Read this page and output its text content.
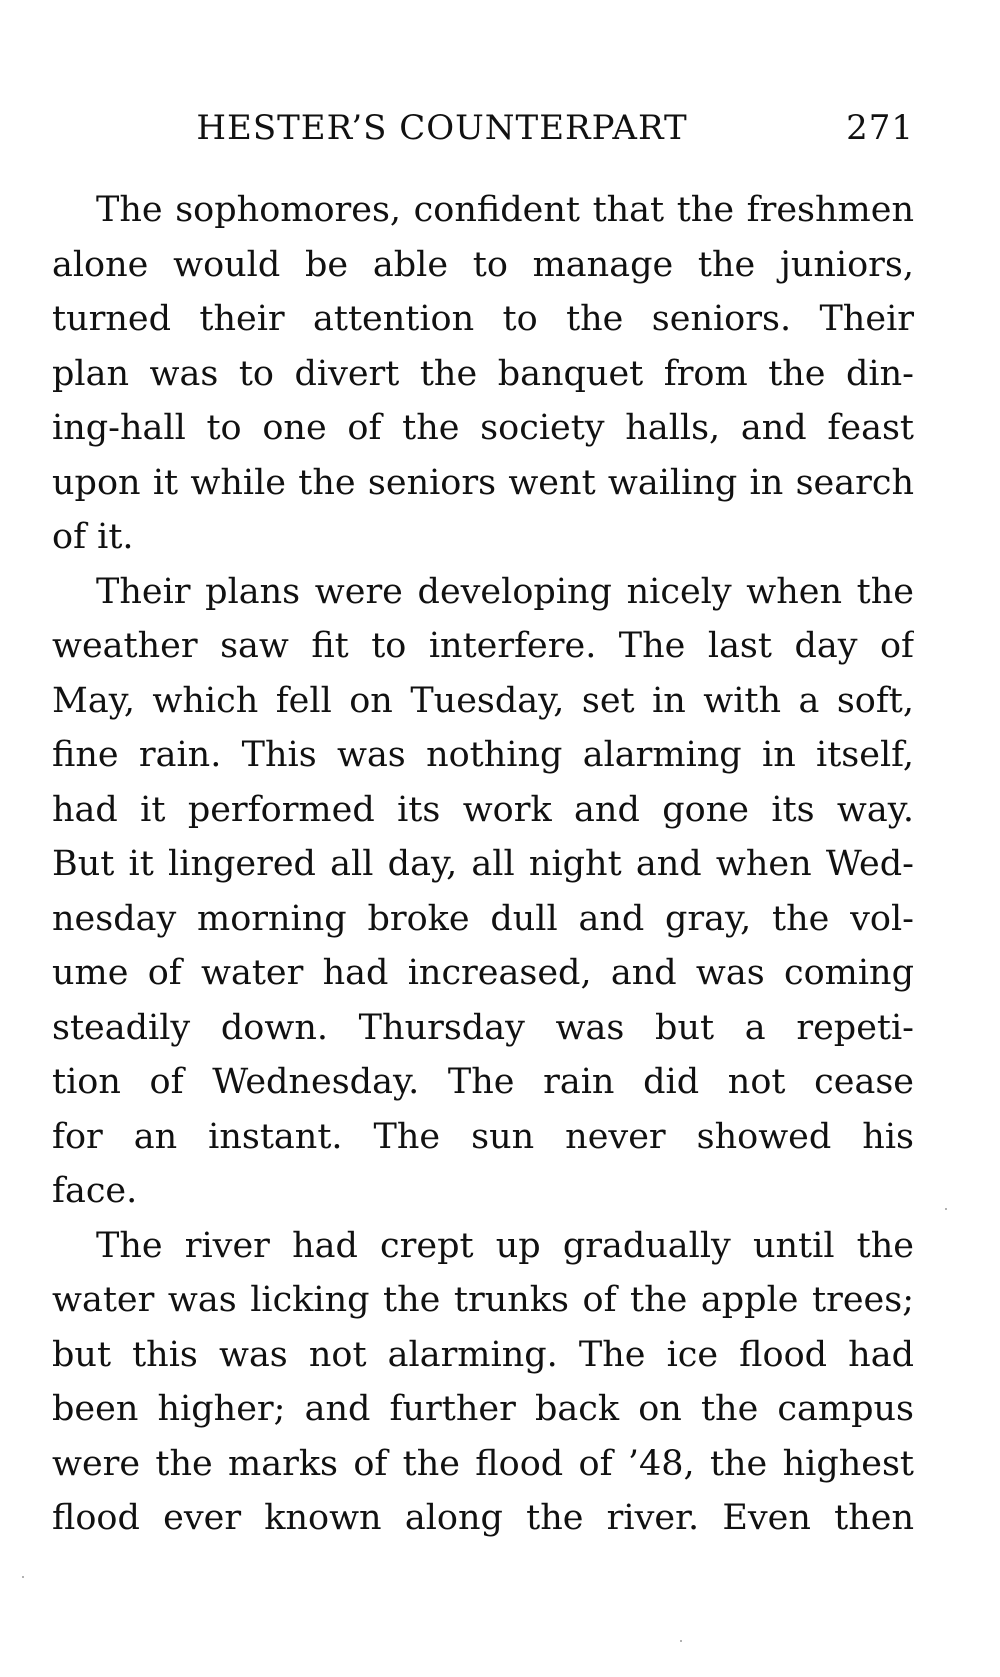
HESTER’S COUNTERPART	271

The sophomores, confident that the freshmen
alone would be able to manage the juniors,
turned their attention to the seniors. Their
plan was to divert the banquet from the din-
ing-hall to one of the society halls, and feast
upon it while the seniors went wailing in search
of it.

Their plans were developing nicely when the
weather saw fit to interfere. The last day of
May, which fell on Tuesday, set in with a soft,
fine rain. This was nothing alarming in itself,
had it performed its work and gone its way.
But it lingered all day, all night and when Wed-
nesday morning broke dull and gray, the vol-
ume of water had increased, and was coming
steadily down. Thursday was but a repeti-
tion of Wednesday. The rain did not cease
for an instant. The sun never showed his
face.

The river had crept up gradually until the
water was licking the trunks of the apple trees;
but this was not alarming. The ice flood had
been higher; and further back on the campus
were the marks of the flood of ’48, the highest
flood ever known along the river. Even then
